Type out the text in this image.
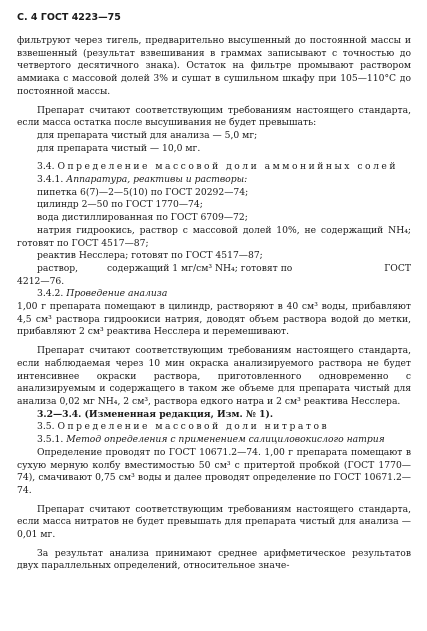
С. 4 ГОСТ 4223—75

фильтруют через тигель, предварительно высушенный до постоянной массы и взвешенный (результат взвешивания в граммах записывают с точностью до четвертого десятичного знака). Остаток на фильтре промывают раствором аммиака с массовой долей 3% и сушат в сушильном шкафу при 105—110°С до постоянной массы.

Препарат считают соответствующим требованиям настоящего стандарта, если масса остатка после высушивания не будет превышать:

для препарата чистый для анализа — 5,0 мг;

для препарата чистый — 10,0 мг.

3.4. Определение массовой доли аммонийных солей

3.4.1. Аппаратура, реактивы и растворы:

пипетка 6(7)—2—5(10) по ГОСТ 20292—74;

цилиндр 2—50 по ГОСТ 1770—74;

вода дистиллированная по ГОСТ 6709—72;

натрия гидроокись, раствор с массовой долей 10%, не содержащий NH₄; готовят по ГОСТ 4517—87;

реактив Несслера; готовят по ГОСТ 4517—87;

раствор,	содержащий 1 мг/см³ NH₄; готовят по	ГОСТ

4212—76.

3.4.2. Проведение анализа

1,00 г препарата помещают в цилиндр, растворяют в 40 см³ воды, прибавляют 4,5 см³ раствора гидроокиси натрия, доводят объем раствора водой до метки, прибавляют 2 см³ реактива Несслера и перемешивают.

Препарат считают соответствующим требованиям настоящего стандарта, если наблюдаемая через 10 мин окраска анализируемого раствора не будет интенсивнее окраски раствора, приготовленного одновременно с анализируемым и содержащего в таком же объеме для препарата чистый для анализа 0,02 мг NH₄, 2 см³, раствора едкого натра и 2 см³ реактива Несслера.

3.2—3.4. (Измененная редакция, Изм. № 1).

3.5. Определение массовой доли нитратов

3.5.1. Метод определения с применением салициловокислого натрия

Определение проводят по ГОСТ 10671.2—74. 1,00 г препарата помещают в сухую мерную колбу вместимостью 50 см³ с притертой пробкой (ГОСТ 1770—74), смачивают 0,75 см³ воды и далее проводят определение по ГОСТ 10671.2—74.

Препарат считают соответствующим требованиям настоящего стандарта, если масса нитратов не будет превышать для препарата чистый для анализа — 0,01 мг.

За результат анализа принимают среднее арифметическое результатов двух параллельных определений, относительное значе-
